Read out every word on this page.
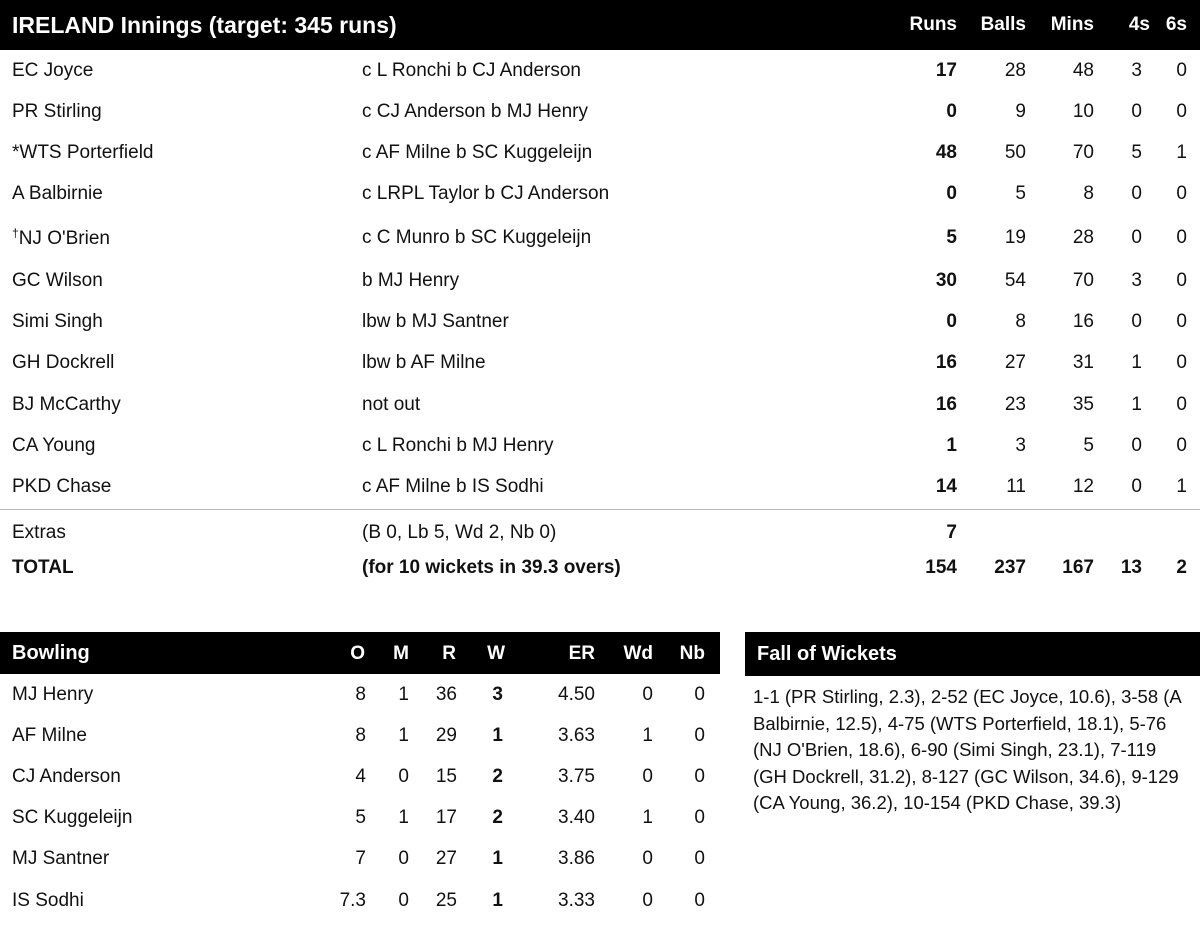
IRELAND Innings (target: 345 runs)	Runs Balls Mins 4s 6s
EC Joyce	c L Ronchi b CJ Anderson	17	28 48 3 0
PR Stirling	c CJ Anderson b MJ Henry	0	9 10 0 0
*WTS Porterfield	c AF Milne b SC Kuggeleijn	48	50 70 5 1
A Balbirnie	c LRPL Taylor b CJ Anderson	0	5	8 0 0
†NJ O'Brien	c C Munro b SC Kuggeleijn	5	19 28 0 0
GC Wilson	b MJ Henry	30	54 70 3 0
Simi Singh	lbw b MJ Santner	0	8 16 0 0
GH Dockrell	lbw b AF Milne	16	27 31 1 0
BJ McCarthy	not out	16	23 35 1 0
CA Young	c L Ronchi b MJ Henry	1	3	5 0 0
PKD Chase	c AF Milne b IS Sodhi	14	11 12 0 1
Extras	(B 0, Lb 5, Wd 2, Nb 0)	7
TOTAL	(for 10 wickets in 39.3 overs)	154 237 167 13 2
Bowling	O M R W	ER Wd Nb
MJ Henry	8 1 36 3	4.50 0 0
AF Milne	8 1 29 1	3.63 1 0
CJ Anderson	4 0 15 2	3.75 0 0
SC Kuggeleijn	5 1 17 2	3.40 1 0
MJ Santner	7 0 27 1	3.86 0 0
IS Sodhi	7.3 0 25 1	3.33 0 0
Fall of Wickets
1-1 (PR Stirling, 2.3), 2-52 (EC Joyce, 10.6), 3-58 (A Balbirnie, 12.5), 4-75 (WTS Porterfield, 18.1), 5-76 (NJ O'Brien, 18.6), 6-90 (Simi Singh, 23.1), 7-119 (GH Dockrell, 31.2), 8-127 (GC Wilson, 34.6), 9-129 (CA Young, 36.2), 10-154 (PKD Chase, 39.3)
